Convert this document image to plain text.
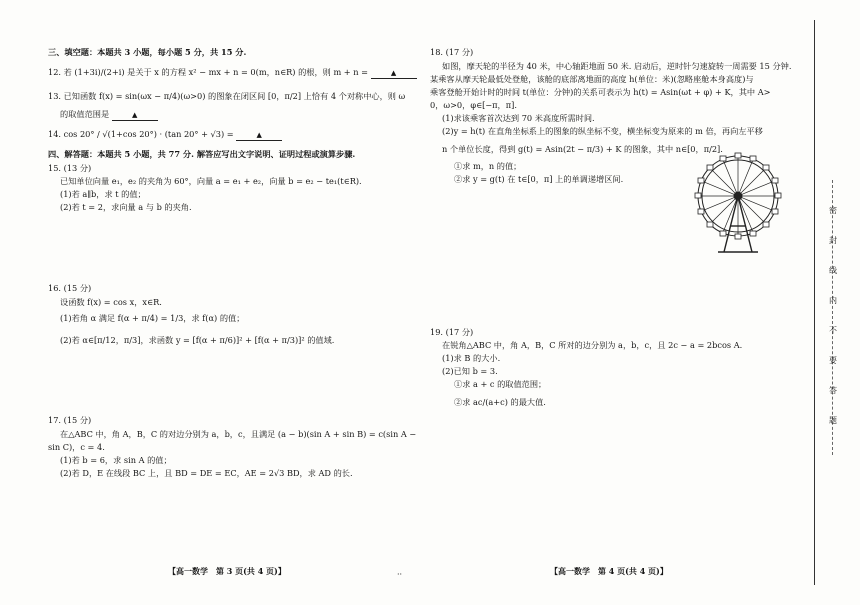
三、填空题：本题共 3 小题，每小题 5 分，共 15 分.
12. 若 (1+3i)/(2+i) 是关于 x 的方程 x² − mx + n = 0(m，n∈R) 的根，则 m + n =	▲
13. 已知函数 f(x) = sin(ωx − π/4)(ω>0) 的图象在闭区间 [0，π/2] 上恰有 4 个对称中心，则 ω
的取值范围是	▲
14. cos 20° / √(1+cos 20°) · (tan 20° + √3) =	▲
四、解答题：本题共 5 小题，共 77 分. 解答应写出文字说明、证明过程或演算步骤.
15. (13 分)
已知单位向量 e₁，e₂ 的夹角为 60°，向量 a = e₁ + e₂，向量 b = e₂ − te₁(t∈R).
(1)若 a∥b，求 t 的值；
(2)若 t = 2，求向量 a 与 b 的夹角.
16. (15 分)
设函数 f(x) = cos x，x∈R.
(1)若角 α 满足 f(α + π/4) = 1/3，求 f(α) 的值；
(2)若 α∈[π/12，π/3]，求函数 y = [f(α + π/6)]² + [f(α + π/3)]² 的值域.
17. (15 分)
在△ABC 中，角 A，B，C 的对边分别为 a，b，c，且满足 (a − b)(sin A + sin B) = c(sin A −
sin C)，c = 4.
(1)若 b = 6，求 sin A 的值；
(2)若 D，E 在线段 BC 上，且 BD = DE = EC，AE = 2√3 BD，求 AD 的长.
【高一数学　第 3 页(共 4 页)】	··
18. (17 分)
如图，摩天轮的半径为 40 米，中心轴距地面 50 米. 启动后，逆时针匀速旋转一周需要 15 分钟.
某乘客从摩天轮最低处登舱，该舱的底部离地面的高度 h(单位：米)(忽略座舱本身高度)与
乘客登舱开始计时的时间 t(单位：分钟)的关系可表示为 h(t) = Asin(ωt + φ) + K，其中 A>
0，ω>0，φ∈[−π，π].
(1)求该乘客首次达到 70 米高度所需时间.
(2)y = h(t) 在直角坐标系上的图象的纵坐标不变，横坐标变为原来的 m 倍，再向左平移
n 个单位长度，得到 g(t) = Asin(2t − π/3) + K 的图象，其中 n∈[0，π/2].
①求 m，n 的值；
②求 y = g(t) 在 t∈[0，π] 上的单调递增区间.
19. (17 分)
在锐角△ABC 中，角 A，B，C 所对的边分别为 a，b，c，且 2c − a = 2bcos A.
(1)求 B 的大小.
(2)已知 b = 3.
①求 a + c 的取值范围；
②求 ac/(a+c) 的最大值.
【高一数学　第 4 页(共 4 页)】
密
封
线
内
不
要
答
题
